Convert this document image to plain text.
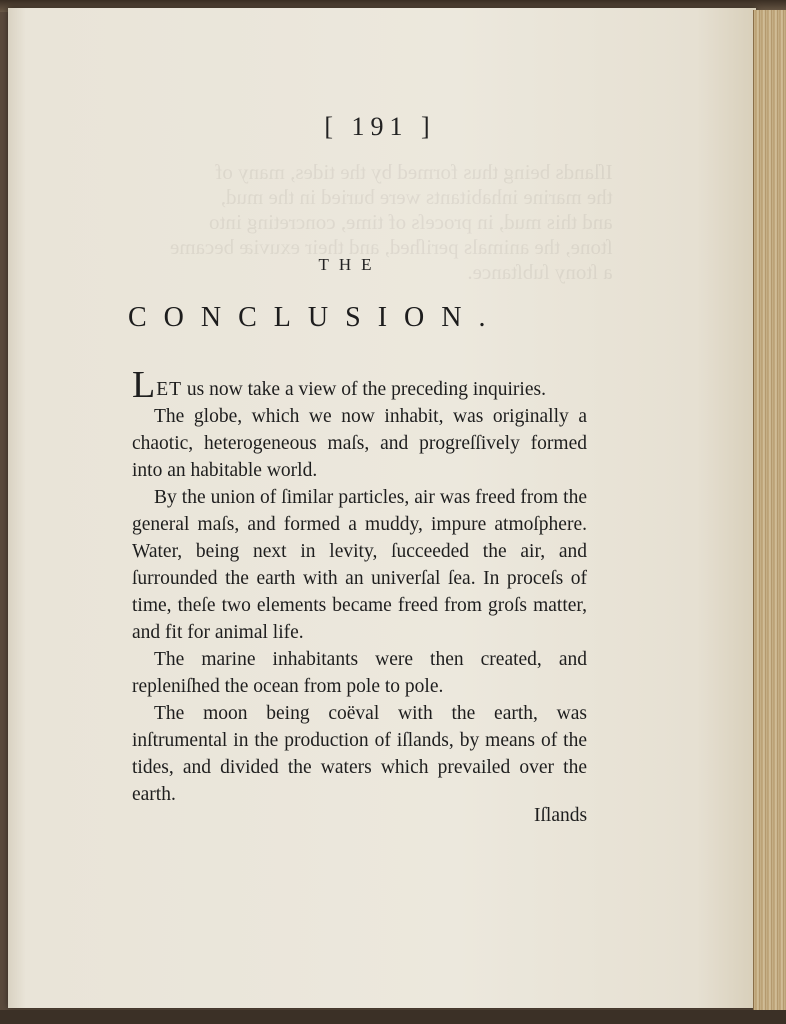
Iſlands being thus formed by the tides, many of
the marine inhabitants were buried in the mud,
and this mud, in proceſs of time, concreting into
ſtone, the animals periſhed, and their exuviæ became
a ſtony ſubſtance.
[ 191 ]
THE
CONCLUSION.

LET us now take a view of the preceding inquiries.

The globe, which we now inhabit, was originally a chaotic, heterogeneous maſs, and progreſſively formed into an habitable world.

By the union of ſimilar particles, air was freed from the general maſs, and formed a muddy, impure atmoſphere. Water, being next in levity, ſucceeded the air, and ſurrounded the earth with an univerſal ſea. In proceſs of time, theſe two elements became freed from groſs matter, and fit for animal life.

The marine inhabitants were then created, and repleniſhed the ocean from pole to pole.

The moon being coëval with the earth, was inſtrumental in the production of iſlands, by means of the tides, and divided the waters which prevailed over the earth.

Iſlands
